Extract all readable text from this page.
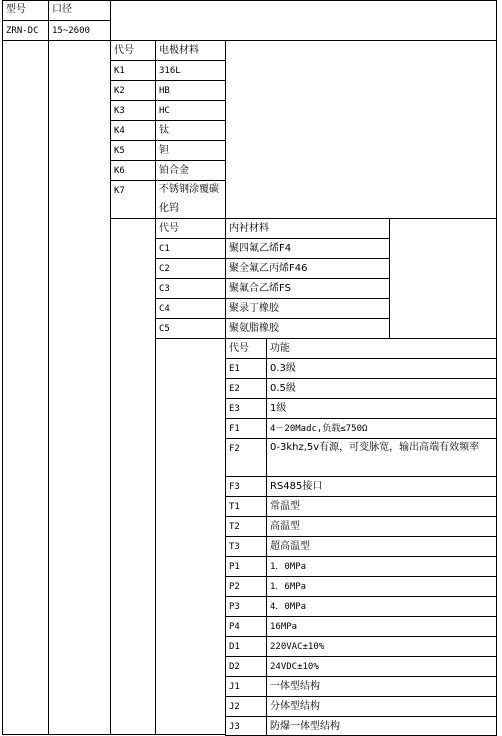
型号	口径
ZRN-DC 15~2600
代号	电极材料
K1	316L
K2	HB
K3	HC
K4	钛
K5	钽
K6	铂合金
K7	不锈钢涂覆碳化钨
代号	内衬材料
C1	聚四氟乙烯F4
C2	聚全氟乙丙烯F46
C3	聚氟合乙烯FS
C4	聚录丁橡胶
C5	聚氨脂橡胶
代号 功能
E1	0.3级
E2	0.5级
E3	1级
F1	4－20Madc,负载≤750Ω
F2	0-3khz,5v有源，可变脉宽，输出高端有效频率
F3	RS485接口
T1	常温型
T2	高温型
T3	超高温型
P1	1．0MPa
P2	1．6MPa
P3	4．0MPa
P4	16MPa
D1	220VAC±10%
D2	24VDC±10%
J1	一体型结构
J2	分体型结构
J3	防爆一体型结构
